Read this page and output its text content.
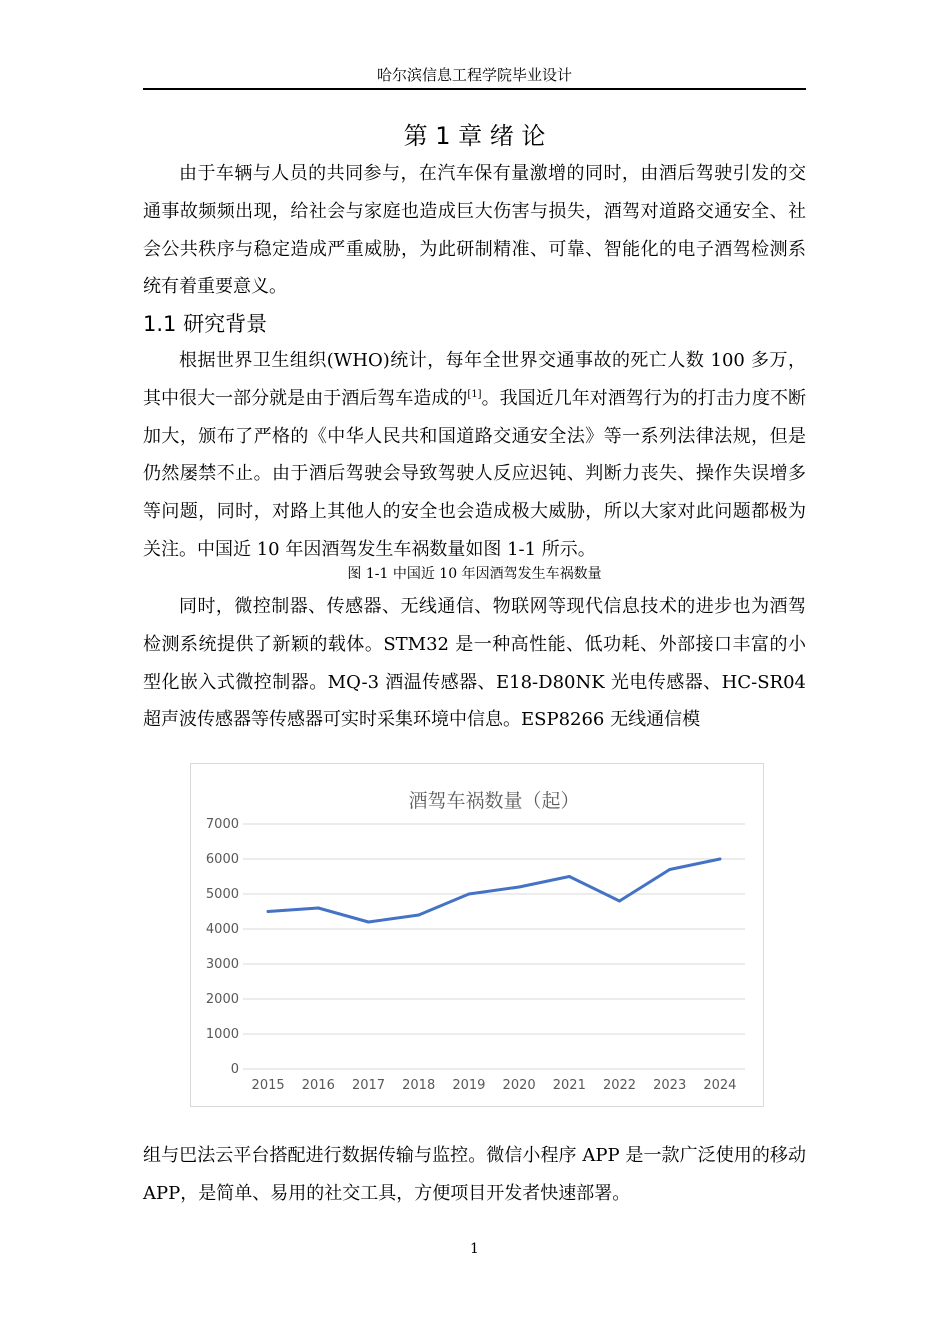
哈尔滨信息工程学院毕业设计
第 1 章 绪 论

由于车辆与人员的共同参与，在汽车保有量激增的同时，由酒后驾驶引发的交通事故频频出现，给社会与家庭也造成巨大伤害与损失，酒驾对道路交通安全、社会公共秩序与稳定造成严重威胁，为此研制精准、可靠、智能化的电子酒驾检测系统有着重要意义。

1.1 研究背景

根据世界卫生组织(WHO)统计，每年全世界交通事故的死亡人数 100 多万，其中很大一部分就是由于酒后驾车造成的[1]。我国近几年对酒驾行为的打击力度不断加大，颁布了严格的《中华人民共和国道路交通安全法》等一系列法律法规，但是仍然屡禁不止。由于酒后驾驶会导致驾驶人反应迟钝、判断力丧失、操作失误增多等问题，同时，对路上其他人的安全也会造成极大威胁，所以大家对此问题都极为关注。中国近 10 年因酒驾发生车祸数量如图 1-1 所示。

图 1-1 中国近 10 年因酒驾发生车祸数量

同时，微控制器、传感器、无线通信、物联网等现代信息技术的进步也为酒驾检测系统提供了新颖的载体。STM32 是一种高性能、低功耗、外部接口丰富的小型化嵌入式微控制器。MQ-3 酒温传感器、E18-D80NK 光电传感器、HC-SR04 超声波传感器等传感器可实时采集环境中信息。ESP8266 无线通信模

酒驾车祸数量（起）
0
1000
2000
3000
4000
5000
6000
7000
2015 2016 2017 2018 2019 2020 2021 2022 2023 2024

组与巴法云平台搭配进行数据传输与监控。微信小程序 APP 是一款广泛使用的移动 APP，是简单、易用的社交工具，方便项目开发者快速部署。

1
